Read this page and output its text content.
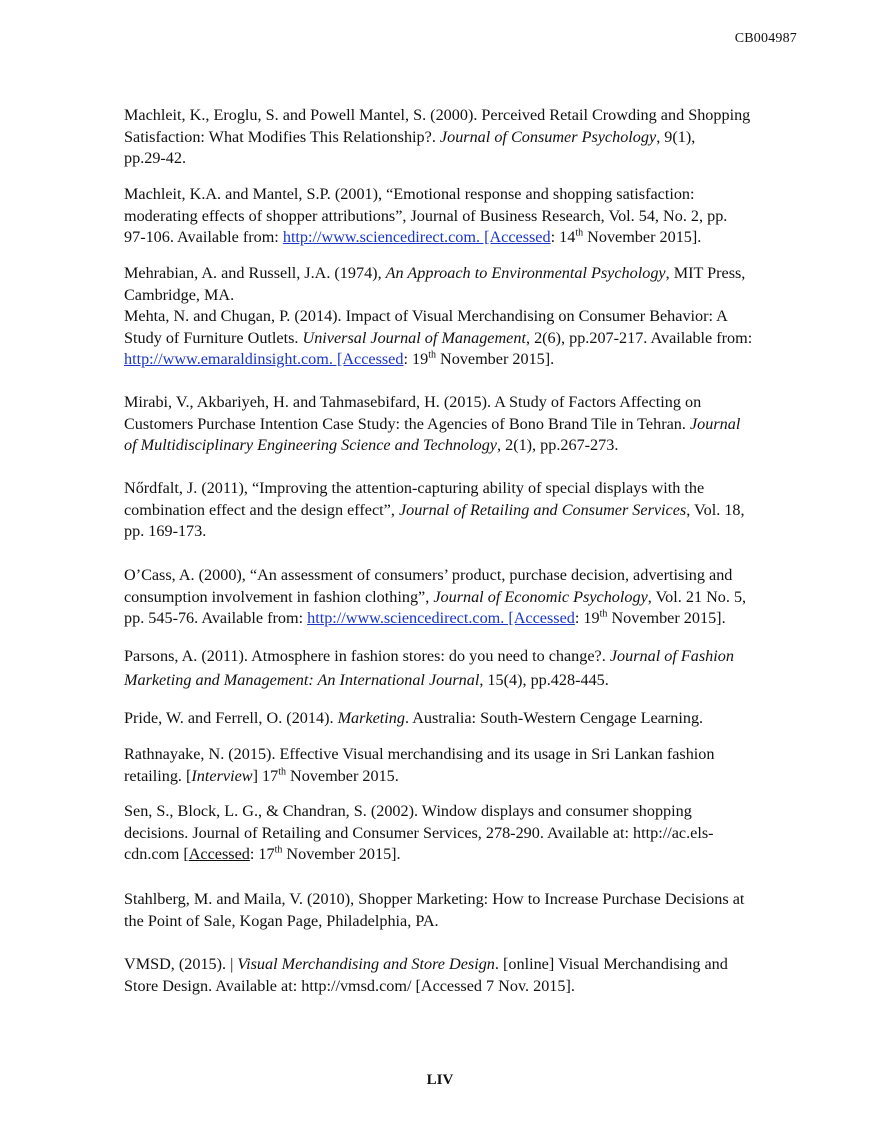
CB004987

Machleit, K., Eroglu, S. and Powell Mantel, S. (2000). Perceived Retail Crowding and Shopping
Satisfaction: What Modifies This Relationship?. Journal of Consumer Psychology, 9(1),
pp.29-42.

Machleit, K.A. and Mantel, S.P. (2001), “Emotional response and shopping satisfaction:
moderating effects of shopper attributions”, Journal of Business Research, Vol. 54, No. 2, pp.
97-106. Available from: http://www.sciencedirect.com. [Accessed: 14th November 2015].

Mehrabian, A. and Russell, J.A. (1974), An Approach to Environmental Psychology, MIT Press,
Cambridge, MA.

Mehta, N. and Chugan, P. (2014). Impact of Visual Merchandising on Consumer Behavior: A
Study of Furniture Outlets. Universal Journal of Management, 2(6), pp.207-217. Available from:
http://www.emaraldinsight.com. [Accessed: 19th November 2015].

Mirabi, V., Akbariyeh, H. and Tahmasebifard, H. (2015). A Study of Factors Affecting on
Customers Purchase Intention Case Study: the Agencies of Bono Brand Tile in Tehran. Journal
of Multidisciplinary Engineering Science and Technology, 2(1), pp.267-273.

Nőrdfalt, J. (2011), “Improving the attention-capturing ability of special displays with the
combination effect and the design effect”, Journal of Retailing and Consumer Services, Vol. 18,
pp. 169-173.

O’Cass, A. (2000), “An assessment of consumers’ product, purchase decision, advertising and
consumption involvement in fashion clothing”, Journal of Economic Psychology, Vol. 21 No. 5,
pp. 545-76. Available from: http://www.sciencedirect.com. [Accessed: 19th November 2015].

Parsons, A. (2011). Atmosphere in fashion stores: do you need to change?. Journal of Fashion
Marketing and Management: An International Journal, 15(4), pp.428-445.

Pride, W. and Ferrell, O. (2014). Marketing. Australia: South-Western Cengage Learning.

Rathnayake, N. (2015). Effective Visual merchandising and its usage in Sri Lankan fashion
retailing. [Interview] 17th November 2015.

Sen, S., Block, L. G., & Chandran, S. (2002). Window displays and consumer shopping
decisions. Journal of Retailing and Consumer Services, 278-290. Available at: http://ac.els-
cdn.com [Accessed: 17th November 2015].

Stahlberg, M. and Maila, V. (2010), Shopper Marketing: How to Increase Purchase Decisions at
the Point of Sale, Kogan Page, Philadelphia, PA.

VMSD, (2015). | Visual Merchandising and Store Design. [online] Visual Merchandising and
Store Design. Available at: http://vmsd.com/ [Accessed 7 Nov. 2015].

LIV
